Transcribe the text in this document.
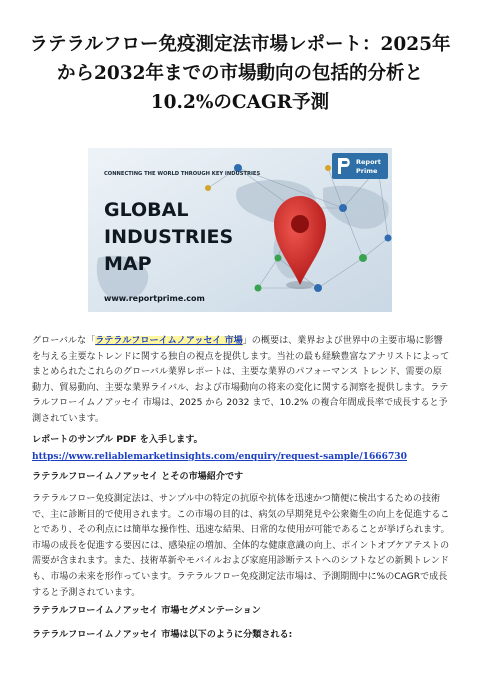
ラテラルフロー免疫測定法市場レポート：2025年から2032年までの市場動向の包括的分析と10.2%のCAGR予測
CONNECTING THE WORLD THROUGH KEY INDUSTRIES
GLOBAL
INDUSTRIES
MAP
www.reportprime.com
Report
Prime
グローバルな「ラテラルフローイムノアッセイ 市場」の概要は、業界および世界中の主要市場に影響を与える主要なトレンドに関する独自の視点を提供します。当社の最も経験豊富なアナリストによってまとめられたこれらのグローバル業界レポートは、主要な業界のパフォーマンス トレンド、需要の原動力、貿易動向、主要な業界ライバル、および市場動向の将来の変化に関する洞察を提供します。ラテラルフローイムノアッセイ 市場は、2025 から 2032 まで、10.2% の複合年間成長率で成長すると予測されています。
レポートのサンプル PDF を入手します。
https://www.reliablemarketinsights.com/enquiry/request-sample/1666730
ラテラルフローイムノアッセイ とその市場紹介です
ラテラルフロー免疫測定法は、サンプル中の特定の抗原や抗体を迅速かつ簡便に検出するための技術で、主に診断目的で使用されます。この市場の目的は、病気の早期発見や公衆衛生の向上を促進することであり、その利点には簡単な操作性、迅速な結果、日常的な使用が可能であることが挙げられます。市場の成長を促進する要因には、感染症の増加、全体的な健康意識の向上、ポイントオブケアテストの需要が含まれます。また、技術革新やモバイルおよび家庭用診断テストへのシフトなどの新興トレンドも、市場の未来を形作っています。ラテラルフロー免疫測定法市場は、予測期間中に%のCAGRで成長すると予測されています。
ラテラルフローイムノアッセイ 市場セグメンテーション
ラテラルフローイムノアッセイ 市場は以下のように分類される:
